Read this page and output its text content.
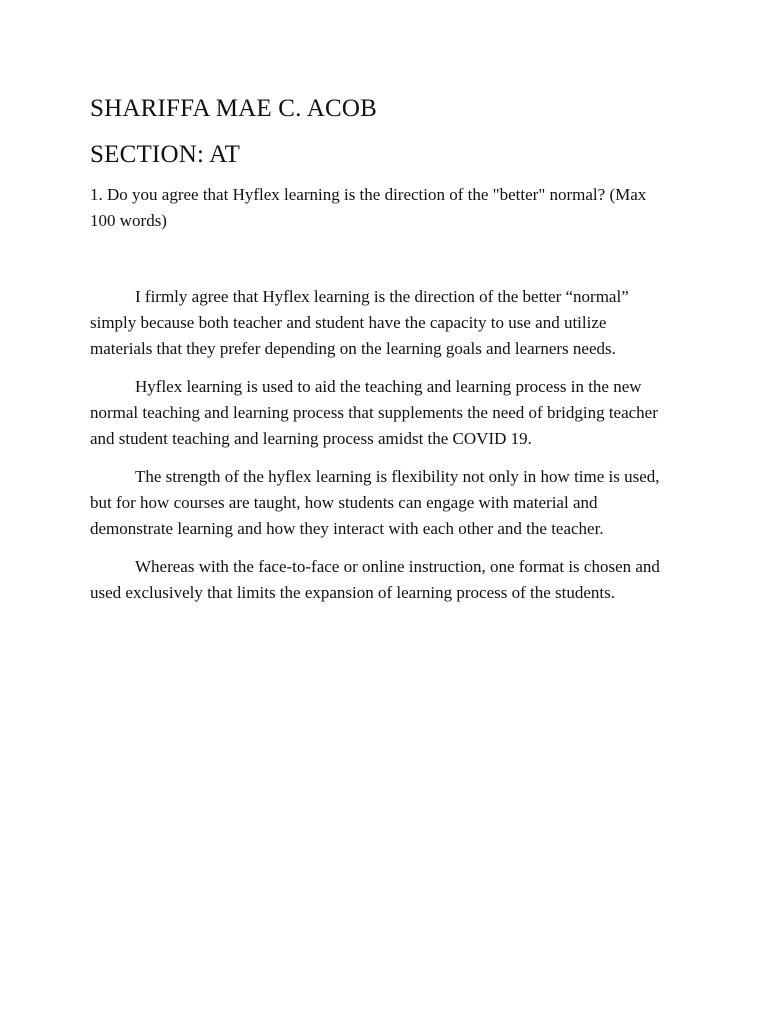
SHARIFFA MAE C. ACOB
SECTION: AT

1. Do you agree that Hyflex learning is the direction of the "better" normal? (Max 100 words)

I firmly agree that Hyflex learning is the direction of the better “normal” simply because both teacher and student have the capacity to use and utilize materials that they prefer depending on the learning goals and learners needs.

Hyflex learning is used to aid the teaching and learning process in the new normal teaching and learning process that supplements the need of bridging teacher and student teaching and learning process amidst the COVID 19.

The strength of the hyflex learning is flexibility not only in how time is used, but for how courses are taught, how students can engage with material and demonstrate learning and how they interact with each other and the teacher.

Whereas with the face-to-face or online instruction, one format is chosen and used exclusively that limits the expansion of learning process of the students.
